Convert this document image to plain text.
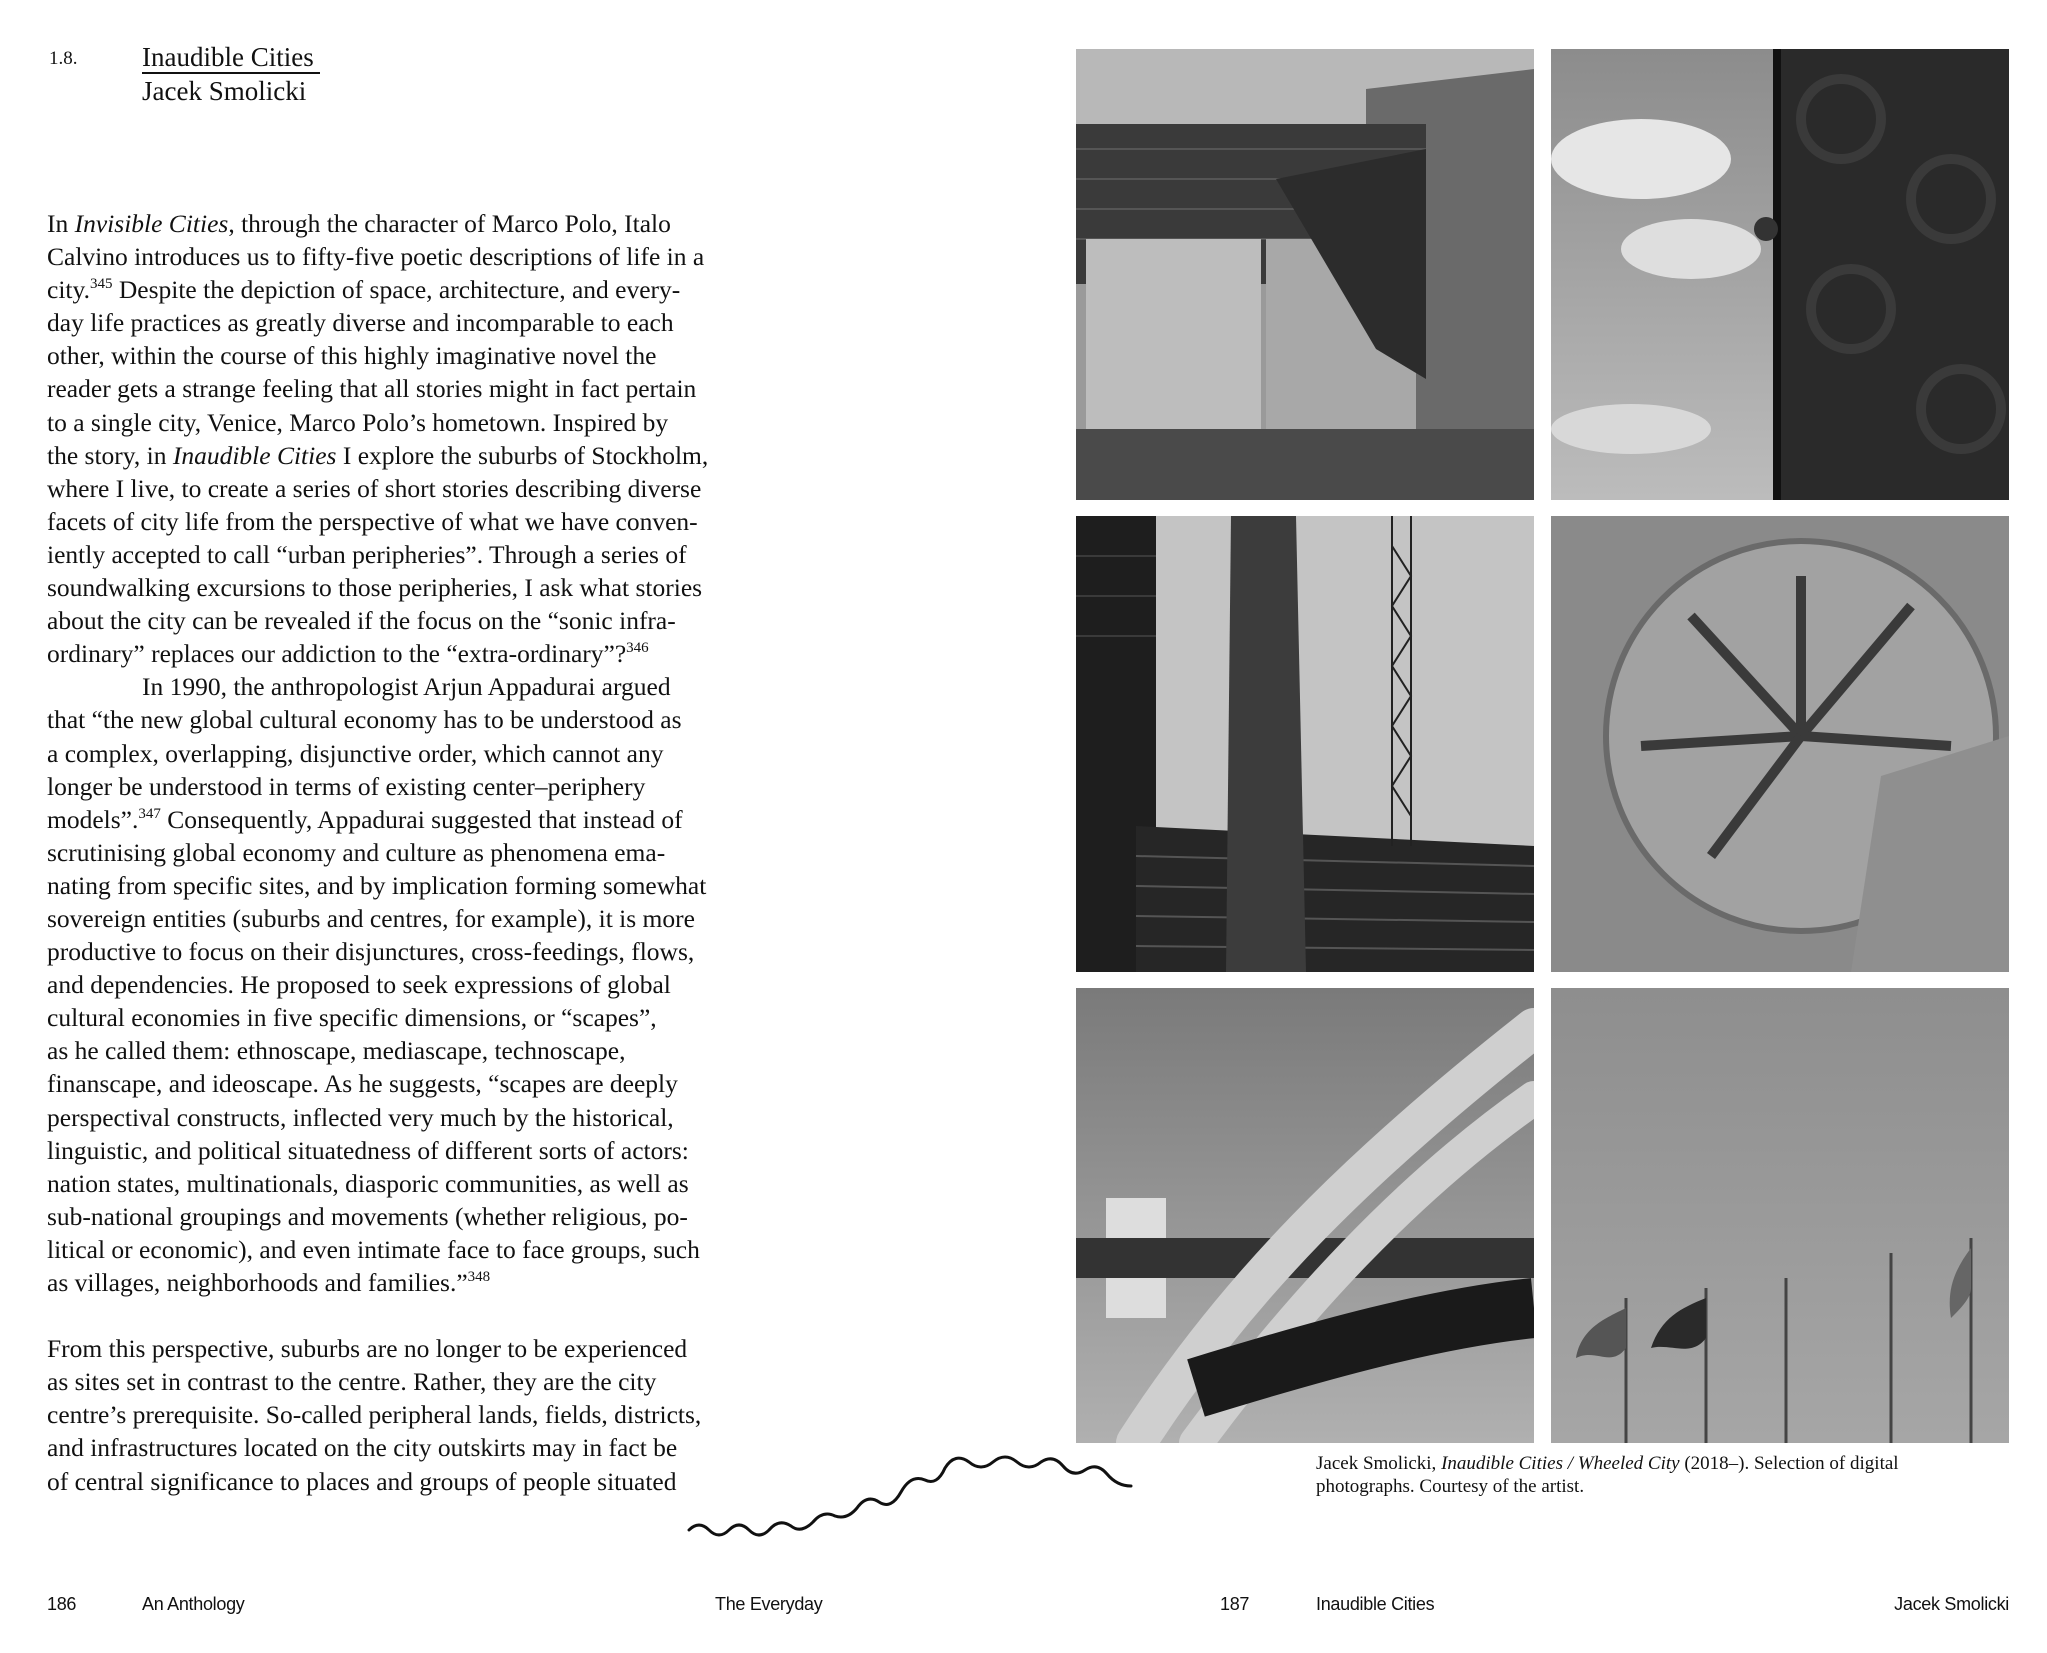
1.8. Inaudible Cities
Jacek Smolicki
In Invisible Cities, through the character of Marco Polo, Italo
Calvino introduces us to fifty-five poetic descriptions of life in a
city.$^{345}$ Despite the depiction of space, architecture, and every-
day life practices as greatly diverse and incomparable to each
other, within the course of this highly imaginative novel the
reader gets a strange feeling that all stories might in fact pertain
to a single city, Venice, Marco Polo’s hometown. Inspired by
the story, in Inaudible Cities I explore the suburbs of Stockholm,
where I live, to create a series of short stories describing diverse
facets of city life from the perspective of what we have conven-
iently accepted to call “urban peripheries”. Through a series of
soundwalking excursions to those peripheries, I ask what stories
about the city can be revealed if the focus on the “sonic infra-
ordinary” replaces our addiction to the “extra-ordinary”?$^{346}$
In 1990, the anthropologist Arjun Appadurai argued
that “the new global cultural economy has to be understood as
a complex, overlapping, disjunctive order, which cannot any
longer be understood in terms of existing center–periphery
models”.$^{347}$ Consequently, Appadurai suggested that instead of
scrutinising global economy and culture as phenomena ema-
nating from specific sites, and by implication forming somewhat
sovereign entities (suburbs and centres, for example), it is more
productive to focus on their disjunctures, cross-feedings, flows,
and dependencies. He proposed to seek expressions of global
cultural economies in five specific dimensions, or “scapes”,
as he called them: ethnoscape, mediascape, technoscape,
finanscape, and ideoscape. As he suggests, “scapes are deeply
perspectival constructs, inflected very much by the historical,
linguistic, and political situatedness of different sorts of actors:
nation states, multinationals, diasporic communities, as well as
sub-national groupings and movements (whether religious, po-
litical or economic), and even intimate face to face groups, such
as villages, neighborhoods and families.”$^{348}$
From this perspective, suburbs are no longer to be experienced
as sites set in contrast to the centre. Rather, they are the city
centre’s prerequisite. So-called peripheral lands, fields, districts,
and infrastructures located on the city outskirts may in fact be
of central significance to places and groups of people situated
Jacek Smolicki, Inaudible Cities / Wheeled City (2018–). Selection of digital
photographs. Courtesy of the artist.
186	An Anthology	The Everyday	187	Inaudible Cities	Jacek Smolicki
